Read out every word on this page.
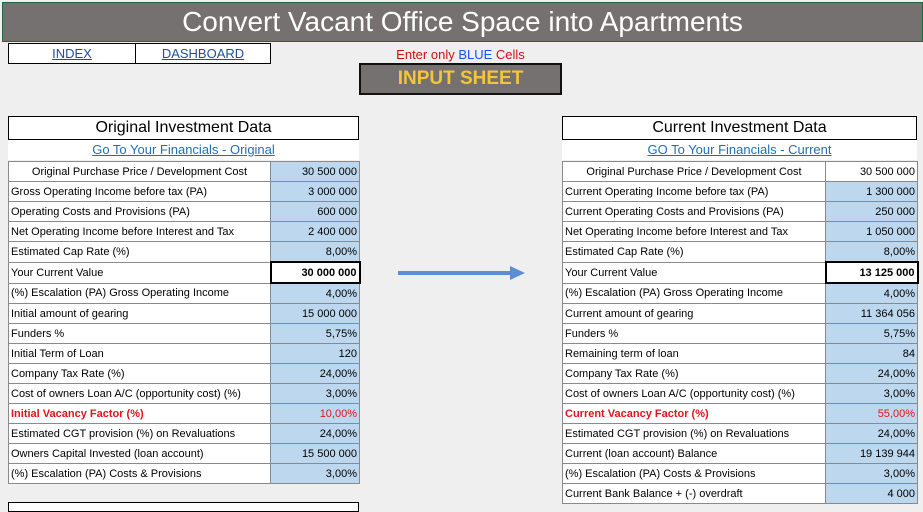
Convert Vacant Office Space into Apartments
INDEX	DASHBOARD	Enter only BLUE Cells
INPUT SHEET
Original Investment Data
Go To Your Financials - Original
Original Purchase Price / Development Cost	30 500 000
Gross Operating Income before tax (PA)	3 000 000
Operating Costs and Provisions (PA)	600 000
Net Operating Income before Interest and Tax	2 400 000
Estimated Cap Rate (%)	8,00%
Your Current Value	30 000 000
(%) Escalation (PA) Gross Operating Income	4,00%
Initial amount of gearing	15 000 000
Funders %	5,75%
Initial Term of Loan	120
Company Tax Rate (%)	24,00%
Cost of owners Loan A/C (opportunity cost) (%)	3,00%
Initial Vacancy Factor (%)	10,00%
Estimated CGT provision (%) on Revaluations	24,00%
Owners Capital Invested (loan account)	15 500 000
(%) Escalation (PA) Costs & Provisions	3,00%
Current Investment Data
GO To Your Financials - Current
Original Purchase Price / Development Cost	30 500 000
Current Operating Income before tax (PA)	1 300 000
Current Operating Costs and Provisions (PA)	250 000
Net Operating Income before Interest and Tax	1 050 000
Estimated Cap Rate (%)	8,00%
Your Current Value	13 125 000
(%) Escalation (PA) Gross Operating Income	4,00%
Current amount of gearing	11 364 056
Funders %	5,75%
Remaining term of loan	84
Company Tax Rate (%)	24,00%
Cost of owners Loan A/C (opportunity cost) (%)	3,00%
Current Vacancy Factor (%)	55,00%
Estimated CGT provision (%) on Revaluations	24,00%
Current (loan account) Balance	19 139 944
(%) Escalation (PA) Costs & Provisions	3,00%
Current Bank Balance + (-) overdraft	4 000
